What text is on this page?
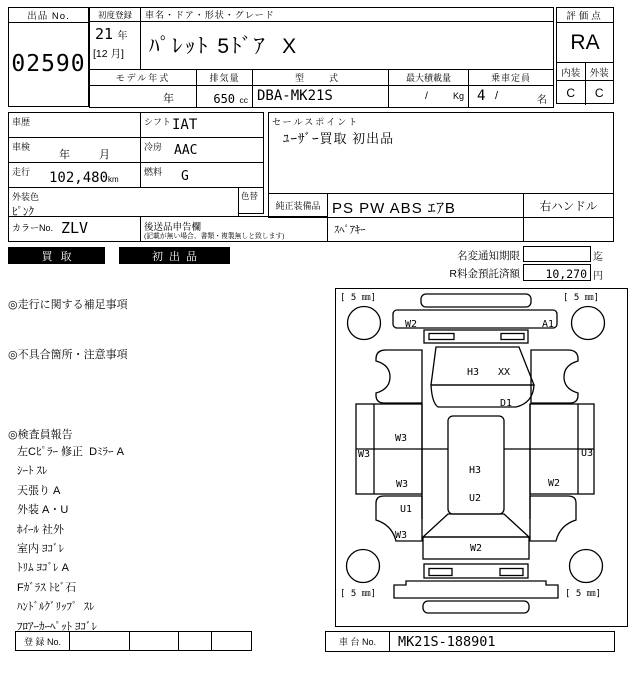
出品 No.
02590
初度登録
21 年
[12 月]
車名・ドア・形状・グレード
ﾊﾟﾚｯﾄ 5ﾄﾞｱ  X
モデル年式
年
排気量
650 cc
型　式
DBA-MK21S
最大積載量
/	Kg
乗車定員
4 /	名
評価点
RA
内装 外装
C C
車歴	シフト IAT
車検
年	月
冷房 AAC
走行 102,480km
燃料 G
外装色
ﾋﾟﾝｸ
色替
カラーNo. ZLV	後送品申告欄
(記載が無い場合、書類・複製無しと致します)
セールスポイント
ﾕｰｻﾞｰ買取 初出品
純正装備品 PS PW ABS ｴｱB	右ハンドル
ｽﾍﾟｱｷｰ
買取	初出品	名変通知期限	迄
R料金預託済額	10,270 円
◎走行に関する補足事項
◎不具合箇所・注意事項
◎検査員報告
左Cﾋﾟﾗｰ 修正  Dﾐﾗｰ A
ｼｰﾄ ｽﾚ
天張り A
外装 A・U
ﾎｲｰﾙ 社外
室内 ﾖｺﾞﾚ
ﾄﾘﾑ ﾖｺﾞﾚ A
Fｶﾞﾗｽ ﾄﾋﾞ石
ﾊﾝﾄﾞﾙｸﾞﾘｯﾌﾟ  ｽﾚ
ﾌﾛｱｰｶｰﾍﾟｯﾄ ﾖｺﾞﾚ
[ 5 ㎜]	[ 5 ㎜]
[ 5 ㎜]	[ 5 ㎜]
W2	A1
H3 XX
D1
W3
W3
W3
H3
U2
U3
W2
U1
W3
W2
登 録 No.	車 台 No.	MK21S-188901
